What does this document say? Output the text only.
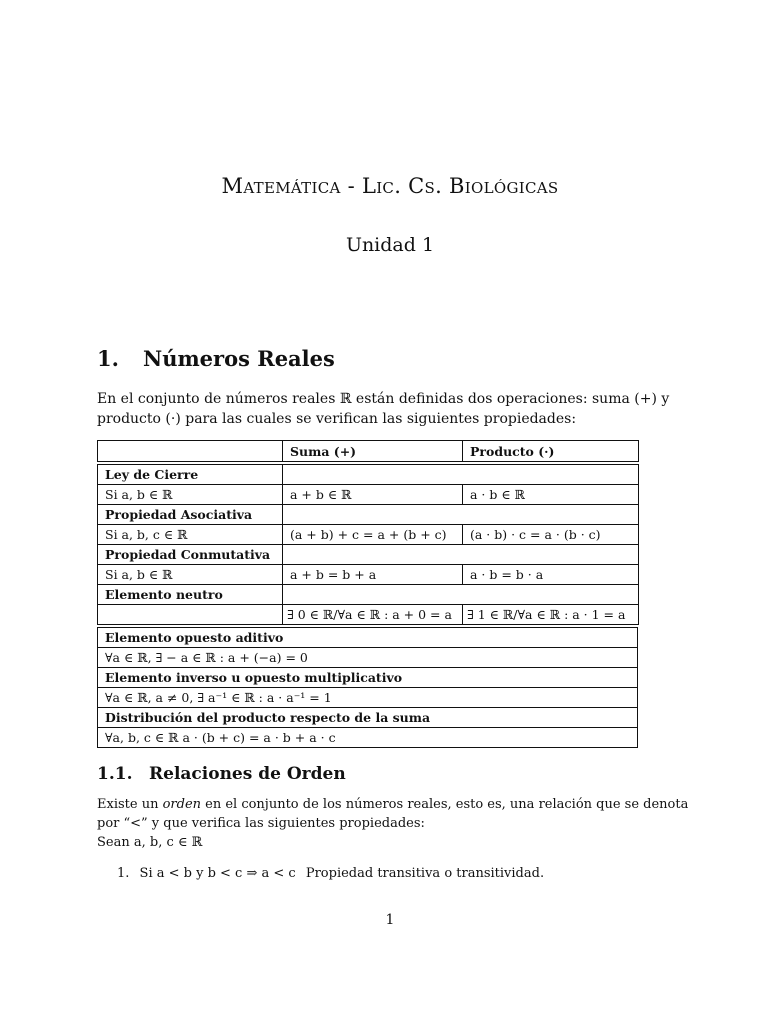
Matemática - Lic. Cs. Biológicas
Unidad 1
1. Números Reales
En el conjunto de números reales ℝ están definidas dos operaciones: suma (+) y producto (·) para las cuales se verifican las siguientes propiedades:
	Suma (+)	Producto (·)

Ley de Cierre		
Si a, b ∈ ℝ	a + b ∈ ℝ	a · b ∈ ℝ
Propiedad Asociativa		
Si a, b, c ∈ ℝ	(a + b) + c = a + (b + c)	(a · b) · c = a · (b · c)
Propiedad Conmutativa		
Si a, b ∈ ℝ	a + b = b + a	a · b = b · a
Elemento neutro		
	∃ 0 ∈ ℝ/∀a ∈ ℝ : a + 0 = a	∃ 1 ∈ ℝ/∀a ∈ ℝ : a · 1 = a
Elemento opuesto aditivo
∀a ∈ ℝ, ∃ − a ∈ ℝ : a + (−a) = 0
Elemento inverso u opuesto multiplicativo
∀a ∈ ℝ, a ≠ 0, ∃ a⁻¹ ∈ ℝ : a · a⁻¹ = 1
Distribución del producto respecto de la suma
∀a, b, c ∈ ℝ a · (b + c) = a · b + a · c
1.1. Relaciones de Orden
Existe un orden en el conjunto de los números reales, esto es, una relación que se denota por “<” y que verifica las siguientes propiedades:
Sean a, b, c ∈ ℝ
1. Si a < b y b < c ⇒ a < c Propiedad transitiva o transitividad.
1
